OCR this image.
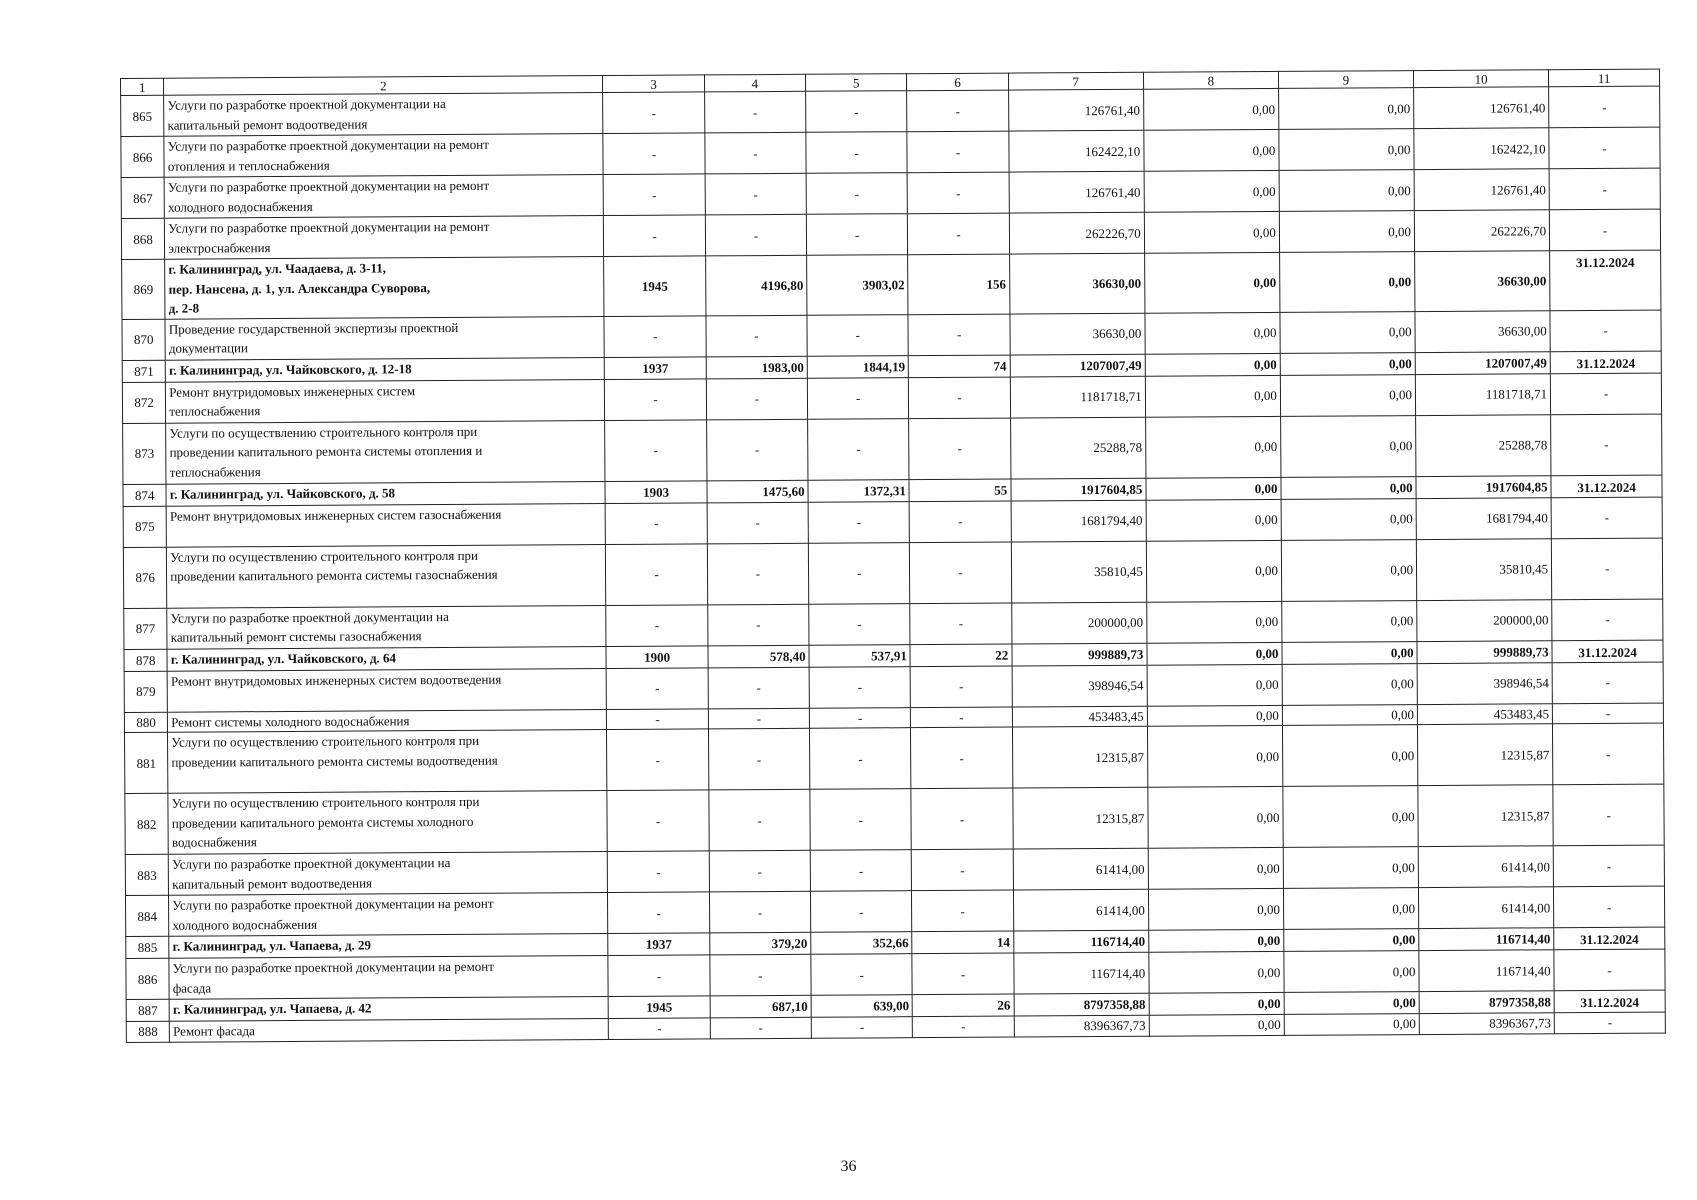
1	2	3	4	5	6	7	8	9	10	11
865	Услуги по разработке проектной документации на
капитальный ремонт водоотведения	-	-	-	-	126761,40	0,00	0,00	126761,40	-
866	Услуги по разработке проектной документации на ремонт
отопления и теплоснабжения	-	-	-	-	162422,10	0,00	0,00	162422,10	-
867	Услуги по разработке проектной документации на ремонт
холодного водоснабжения	-	-	-	-	126761,40	0,00	0,00	126761,40	-
868	Услуги по разработке проектной документации на ремонт
электроснабжения	-	-	-	-	262226,70	0,00	0,00	262226,70	-
869	г. Калининград, ул. Чаадаева, д. 3-11,
пер. Нансена, д. 1, ул. Александра Суворова,
д. 2-8	1945	4196,80	3903,02	156	36630,00	0,00	0,00	36630,00	31.12.2024
870	Проведение государственной экспертизы проектной
документации	-	-	-	-	36630,00	0,00	0,00	36630,00	-
871	г. Калининград, ул. Чайковского, д. 12-18	1937	1983,00	1844,19	74	1207007,49	0,00	0,00	1207007,49	31.12.2024
872	Ремонт внутридомовых инженерных систем
теплоснабжения	-	-	-	-	1181718,71	0,00	0,00	1181718,71	-
873	Услуги по осуществлению строительного контроля при
проведении капитального ремонта системы отопления и
теплоснабжения	-	-	-	-	25288,78	0,00	0,00	25288,78	-
874	г. Калининград, ул. Чайковского, д. 58	1903	1475,60	1372,31	55	1917604,85	0,00	0,00	1917604,85	31.12.2024
875	Ремонт внутридомовых инженерных систем газоснабжения	-	-	-	-	1681794,40	0,00	0,00	1681794,40	-
876	Услуги по осуществлению строительного контроля при
проведении капитального ремонта системы газоснабжения	-	-	-	-	35810,45	0,00	0,00	35810,45	-
877	Услуги по разработке проектной документации на
капитальный ремонт системы газоснабжения	-	-	-	-	200000,00	0,00	0,00	200000,00	-
878	г. Калининград, ул. Чайковского, д. 64	1900	578,40	537,91	22	999889,73	0,00	0,00	999889,73	31.12.2024
879	Ремонт внутридомовых инженерных систем водоотведения	-	-	-	-	398946,54	0,00	0,00	398946,54	-
880	Ремонт системы холодного водоснабжения	-	-	-	-	453483,45	0,00	0,00	453483,45	-
881	Услуги по осуществлению строительного контроля при
проведении капитального ремонта системы водоотведения	-	-	-	-	12315,87	0,00	0,00	12315,87	-
882	Услуги по осуществлению строительного контроля при
проведении капитального ремонта системы холодного
водоснабжения	-	-	-	-	12315,87	0,00	0,00	12315,87	-
883	Услуги по разработке проектной документации на
капитальный ремонт водоотведения	-	-	-	-	61414,00	0,00	0,00	61414,00	-
884	Услуги по разработке проектной документации на ремонт
холодного водоснабжения	-	-	-	-	61414,00	0,00	0,00	61414,00	-
885	г. Калининград, ул. Чапаева, д. 29	1937	379,20	352,66	14	116714,40	0,00	0,00	116714,40	31.12.2024
886	Услуги по разработке проектной документации на ремонт
фасада	-	-	-	-	116714,40	0,00	0,00	116714,40	-
887	г. Калининград, ул. Чапаева, д. 42	1945	687,10	639,00	26	8797358,88	0,00	0,00	8797358,88	31.12.2024
888	Ремонт фасада	-	-	-	-	8396367,73	0,00	0,00	8396367,73	-
36
